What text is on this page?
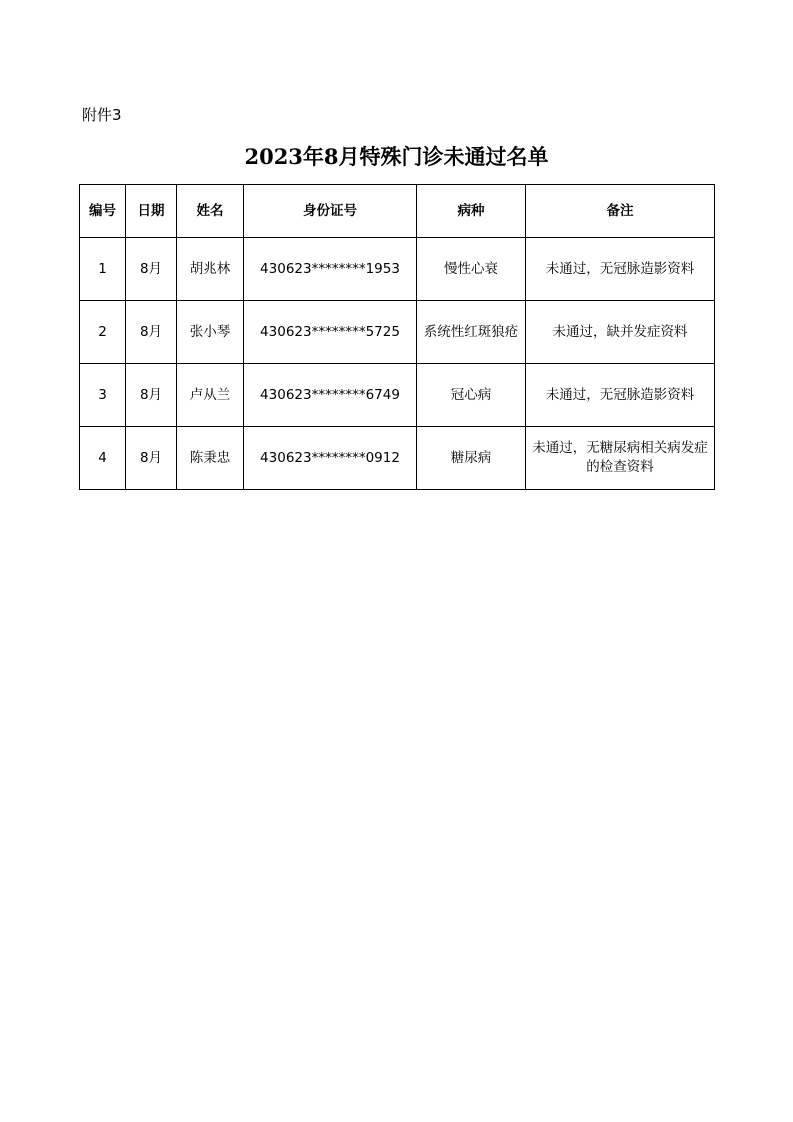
附件3
2023年8月特殊门诊未通过名单
编号	日期	姓名	身份证号	病种	备注
1	8月	胡兆林	430623********1953	慢性心衰	未通过，无冠脉造影资料
2	8月	张小琴	430623********5725	系统性红斑狼疮	未通过，缺并发症资料
3	8月	卢从兰	430623********6749	冠心病	未通过，无冠脉造影资料
4	8月	陈秉忠	430623********0912	糖尿病	未通过，无糖尿病相关病发症的检查资料
